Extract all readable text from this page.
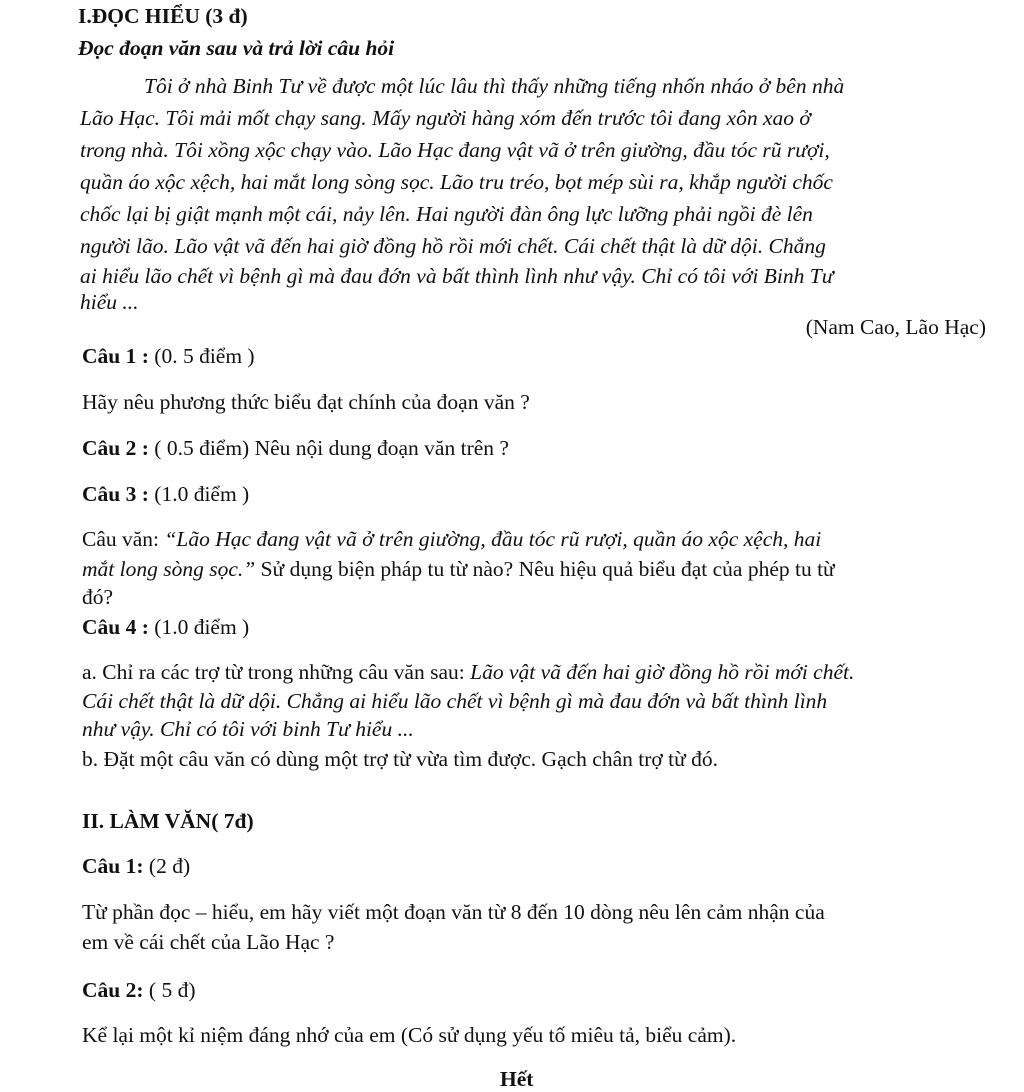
I.ĐỌC HIỂU (3 đ)
Đọc đoạn văn sau và trả lời câu hỏi
Tôi ở nhà Binh Tư về được một lúc lâu thì thấy những tiếng nhốn nháo ở bên nhà
Lão Hạc. Tôi mải mốt chạy sang. Mấy người hàng xóm đến trước tôi đang xôn xao ở
trong nhà. Tôi xồng xộc chạy vào. Lão Hạc đang vật vã ở trên giường, đầu tóc rũ rượi,
quần áo xộc xệch, hai mắt long sòng sọc. Lão tru tréo, bọt mép sùi ra, khắp người chốc
chốc lại bị giật mạnh một cái, nảy lên. Hai người đàn ông lực lưỡng phải ngồi đè lên
người lão. Lão vật vã đến hai giờ đồng hồ rồi mới chết. Cái chết thật là dữ dội. Chẳng
ai hiểu lão chết vì bệnh gì mà đau đớn và bất thình lình như vậy. Chỉ có tôi với Binh Tư
hiểu ...
(Nam Cao, Lão Hạc)
Câu 1 : (0. 5 điểm )
Hãy nêu phương thức biểu đạt chính của đoạn văn ?
Câu 2 : ( 0.5 điểm) Nêu nội dung đoạn văn trên ?
Câu 3 : (1.0 điểm )
Câu văn: “Lão Hạc đang vật vã ở trên giường, đầu tóc rũ rượi, quần áo xộc xệch, hai
mắt long sòng sọc.” Sử dụng biện pháp tu từ nào? Nêu hiệu quả biểu đạt của phép tu từ
đó?
Câu 4 : (1.0 điểm )
a. Chỉ ra các trợ từ trong những câu văn sau: Lão vật vã đến hai giờ đồng hồ rồi mới chết.
Cái chết thật là dữ dội. Chẳng ai hiểu lão chết vì bệnh gì mà đau đớn và bất thình lình
như vậy. Chỉ có tôi với binh Tư hiểu ...
b. Đặt một câu văn có dùng một trợ từ vừa tìm được. Gạch chân trợ từ đó.
II. LÀM VĂN( 7đ)
Câu 1: (2 đ)
Từ phần đọc – hiểu, em hãy viết một đoạn văn từ 8 đến 10 dòng nêu lên cảm nhận của
em về cái chết của Lão Hạc ?
Câu 2: ( 5 đ)
Kể lại một kỉ niệm đáng nhớ của em (Có sử dụng yếu tố miêu tả, biểu cảm).
Hết
